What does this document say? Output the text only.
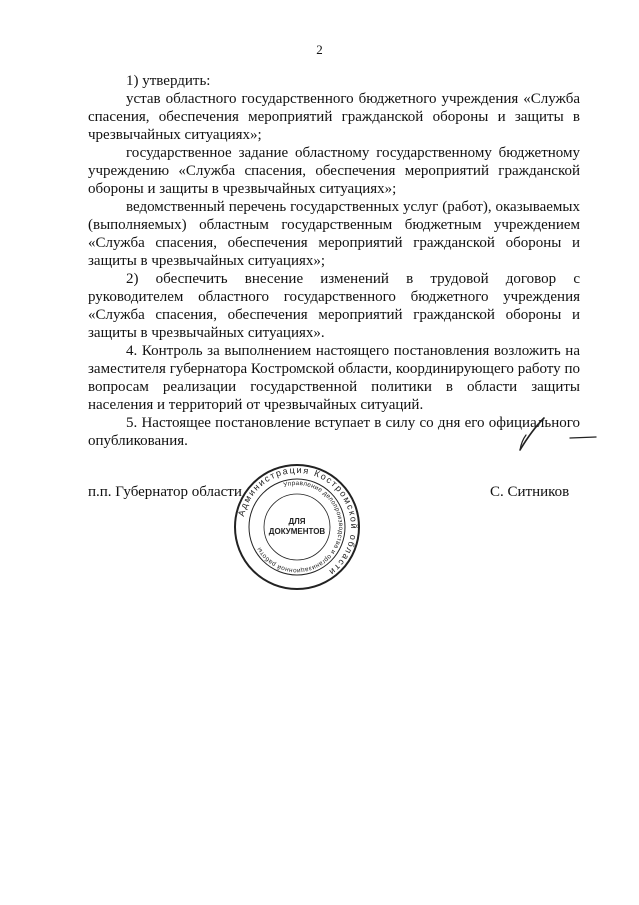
2

1) утвердить:

устав областного государственного бюджетного учреждения «Служба спасения, обеспечения мероприятий гражданской обороны и защиты в чрезвычайных ситуациях»;

государственное задание областному государственному бюджетному учреждению «Служба спасения, обеспечения мероприятий гражданской обороны и защиты в чрезвычайных ситуациях»;

ведомственный перечень государственных услуг (работ), оказываемых (выполняемых) областным государственным бюджетным учреждением «Служба спасения, обеспечения мероприятий гражданской обороны и защиты в чрезвычайных ситуациях»;

2) обеспечить внесение изменений в трудовой договор с руководителем областного государственного бюджетного учреждения «Служба спасения, обеспечения мероприятий гражданской обороны и защиты в чрезвычайных ситуациях».

4. Контроль за выполнением настоящего постановления возложить на заместителя губернатора Костромской области, координирующего работу по вопросам реализации государственной политики в области защиты населения и территорий от чрезвычайных ситуаций.

5. Настоящее постановление вступает в силу со дня его официального опубликования.

п.п. Губернатор области	С. Ситников
Администрация Костромской области
Управление делопроизводства и организационной работы
ДЛЯ
ДОКУМЕНТОВ
